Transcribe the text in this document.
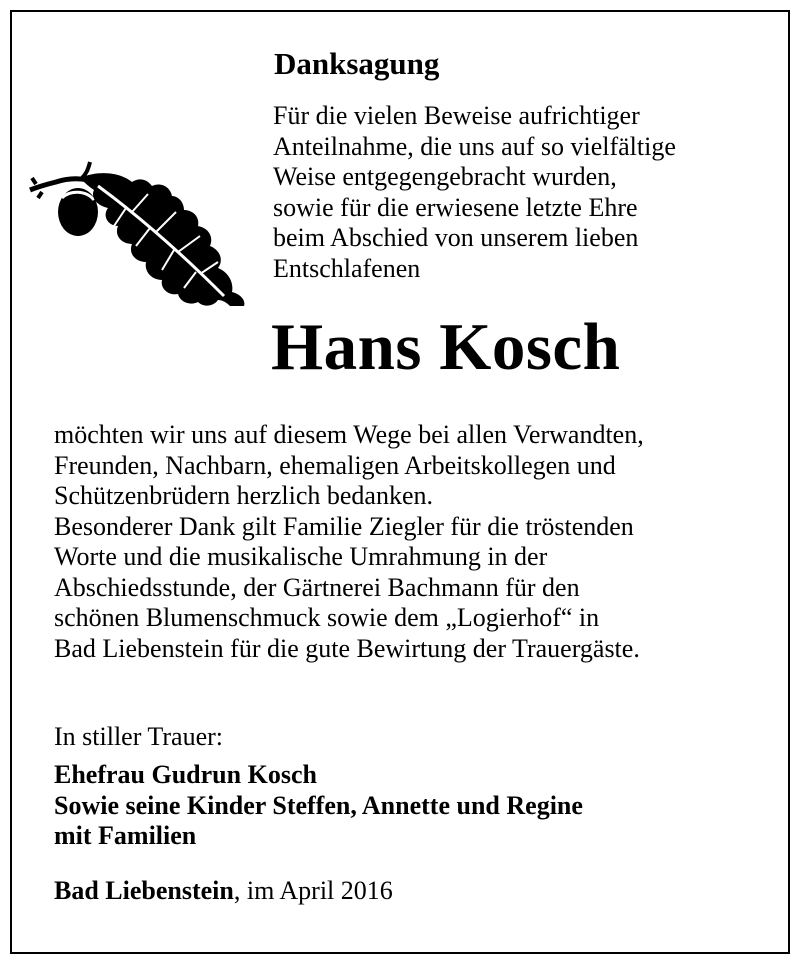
Danksagung
Für die vielen Beweise aufrichtiger
Anteilnahme, die uns auf so vielfältige
Weise entgegengebracht wurden,
sowie für die erwiesene letzte Ehre
beim Abschied von unserem lieben
Entschlafenen
Hans Kosch
möchten wir uns auf diesem Wege bei allen Verwandten,
Freunden, Nachbarn, ehemaligen Arbeitskollegen und
Schützenbrüdern herzlich bedanken.
Besonderer Dank gilt Familie Ziegler für die tröstenden
Worte und die musikalische Umrahmung in der
Abschiedsstunde, der Gärtnerei Bachmann für den
schönen Blumenschmuck sowie dem „Logierhof“ in
Bad Liebenstein für die gute Bewirtung der Trauergäste.
In stiller Trauer:
Ehefrau Gudrun Kosch
Sowie seine Kinder Steffen, Annette und Regine
mit Familien
Bad Liebenstein, im April 2016
